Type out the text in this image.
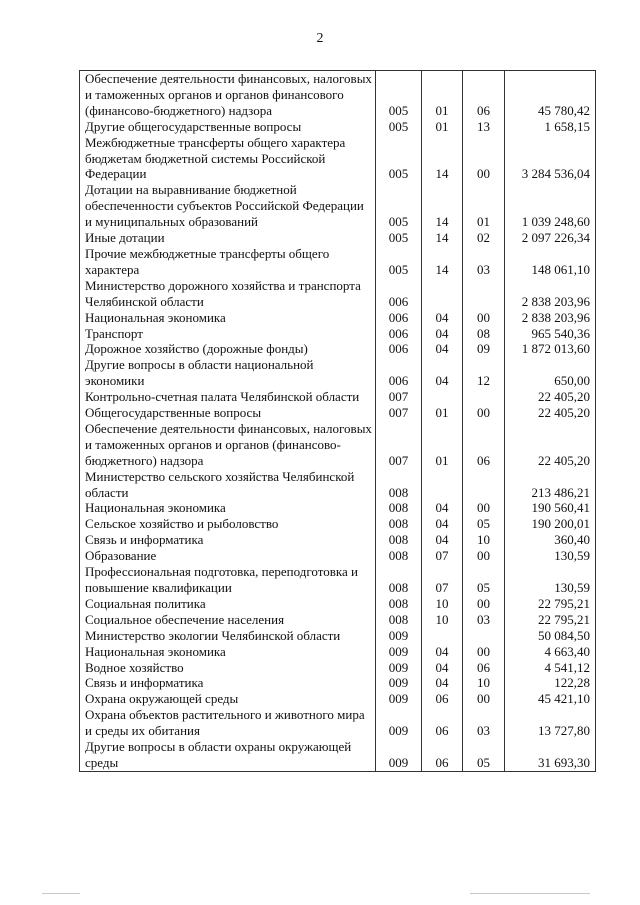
2
Обеспечение деятельности финансовых, налоговых и таможенных органов и органов финансового (финансово-бюджетного) надзора	005	01	06	45 780,42
Другие общегосударственные вопросы	005	01	13	1 658,15
Межбюджетные трансферты общего характера бюджетам бюджетной системы Российской Федерации	005	14	00	3 284 536,04
Дотации на выравнивание бюджетной обеспеченности субъектов Российской Федерации и муниципальных образований	005	14	01	1 039 248,60
Иные дотации	005	14	02	2 097 226,34
Прочие межбюджетные трансферты общего характера	005	14	03	148 061,10
Министерство дорожного хозяйства и транспорта Челябинской области	006			2 838 203,96
Национальная экономика	006	04	00	2 838 203,96
Транспорт	006	04	08	965 540,36
Дорожное хозяйство (дорожные фонды)	006	04	09	1 872 013,60
Другие вопросы в области национальной экономики	006	04	12	650,00
Контрольно-счетная палата Челябинской области	007			22 405,20
Общегосударственные вопросы	007	01	00	22 405,20
Обеспечение деятельности финансовых, налоговых и таможенных органов и органов (финансово-бюджетного) надзора	007	01	06	22 405,20
Министерство сельского хозяйства Челябинской области	008			213 486,21
Национальная экономика	008	04	00	190 560,41
Сельское хозяйство и рыболовство	008	04	05	190 200,01
Связь и информатика	008	04	10	360,40
Образование	008	07	00	130,59
Профессиональная подготовка, переподготовка и повышение квалификации	008	07	05	130,59
Социальная политика	008	10	00	22 795,21
Социальное обеспечение населения	008	10	03	22 795,21
Министерство экологии Челябинской области	009			50 084,50
Национальная экономика	009	04	00	4 663,40
Водное хозяйство	009	04	06	4 541,12
Связь и информатика	009	04	10	122,28
Охрана окружающей среды	009	06	00	45 421,10
Охрана объектов растительного и животного мира и среды их обитания	009	06	03	13 727,80
Другие вопросы в области охраны окружающей среды	009	06	05	31 693,30
